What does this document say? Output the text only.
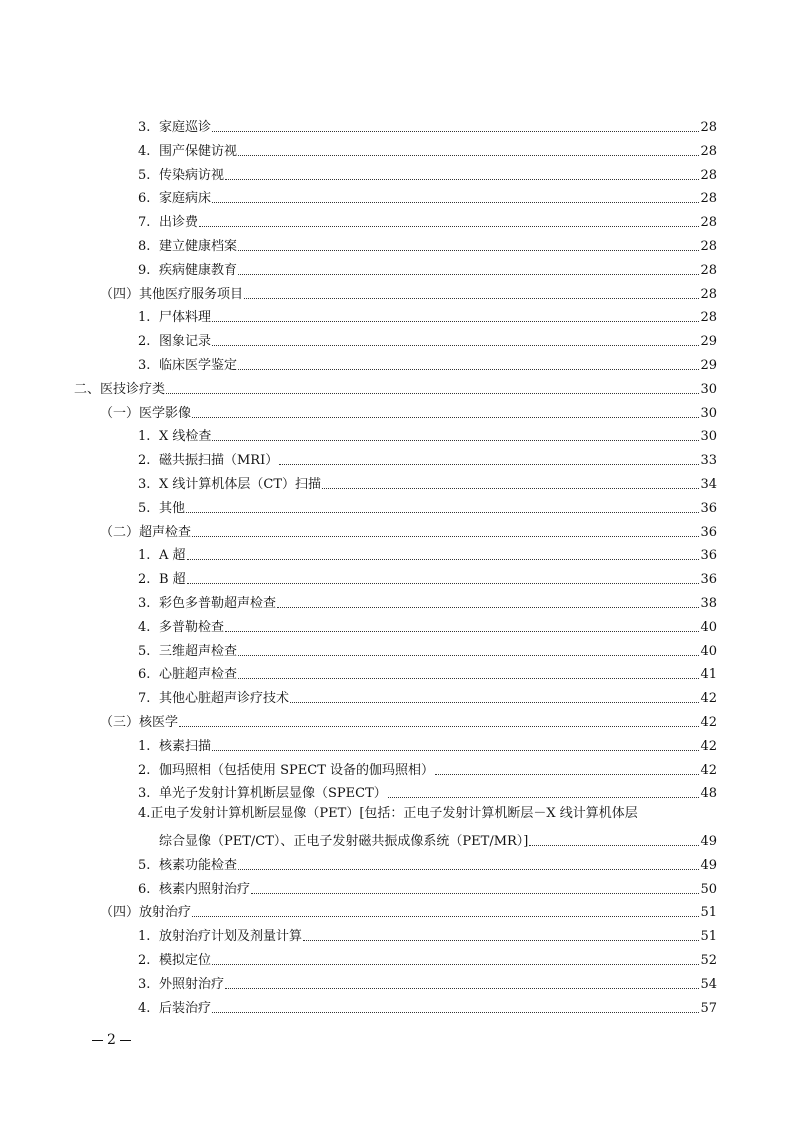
3. 家庭巡诊	28
4. 围产保健访视	28
5. 传染病访视	28
6. 家庭病床	28
7. 出诊费	28
8. 建立健康档案	28
9. 疾病健康教育	28
（四）其他医疗服务项目	28
1. 尸体料理	28
2. 图象记录	29
3. 临床医学鉴定	29
二、医技诊疗类	30
（一）医学影像	30
1. X 线检查	30
2. 磁共振扫描（MRI）	33
3. X 线计算机体层（CT）扫描	34
5. 其他	36
（二）超声检查	36
1. A 超	36
2. B 超	36
3. 彩色多普勒超声检查	38
4. 多普勒检查	40
5. 三维超声检查	40
6. 心脏超声检查	41
7. 其他心脏超声诊疗技术	42
（三）核医学	42
1. 核素扫描	42
2. 伽玛照相（包括使用 SPECT 设备的伽玛照相）	42
3. 单光子发射计算机断层显像（SPECT）	48
4.正电子发射计算机断层显像（PET）[包括：正电子发射计算机断层－X 线计算机体层
综合显像（PET/CT）、正电子发射磁共振成像系统（PET/MR）]	49
5. 核素功能检查	49
6. 核素内照射治疗	50
（四）放射治疗	51
1. 放射治疗计划及剂量计算	51
2. 模拟定位	52
3. 外照射治疗	54
4. 后装治疗	57
2
